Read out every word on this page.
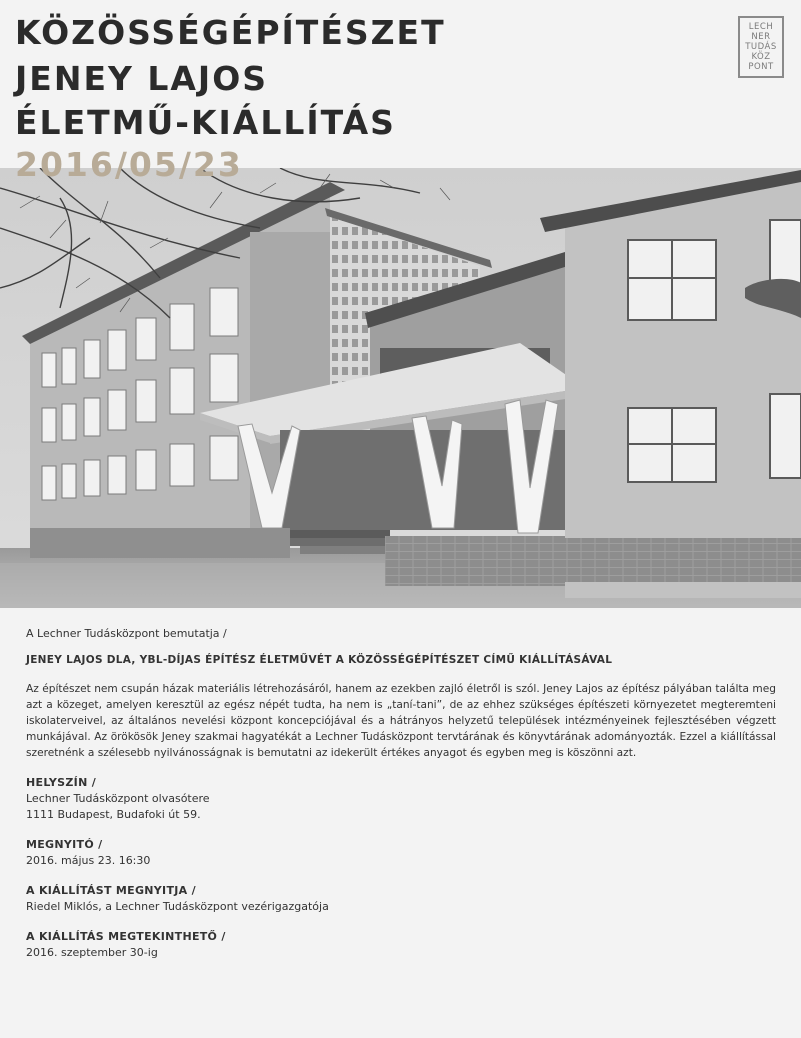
KÖZÖSSÉGÉPÍTÉSZET
JENEY LAJOS
ÉLETMŰ-KIÁLLÍTÁS
LECH
NER
TUDÁS
KÖZ
PONT
2016/05/23

A Lechner Tudásközpont bemutatja /

JENEY LAJOS DLA, YBL-DÍJAS ÉPÍTÉSZ ÉLETMŰVÉT A KÖZÖSSÉGÉPÍTÉSZET CÍMŰ KIÁLLÍTÁSÁVAL

Az építészet nem csupán házak materiális létrehozásáról, hanem az ezekben zajló életről is szól. Jeney Lajos az építész pályában találta meg azt a közeget, amelyen keresztül az egész népét tudta, ha nem is „taní-tani”, de az ehhez szükséges építészeti környezetet megteremteni iskolaterveivel, az általános nevelési központ koncepciójával és a hátrányos helyzetű települések intézményeinek fejlesztésében végzett munkájával. Az örökösök Jeney szakmai hagyatékát a Lechner Tudásközpont tervtárának és könyvtárának adományozták. Ezzel a kiállítással szeretnénk a szélesebb nyilvánosságnak is bemutatni az idekerült értékes anyagot és egyben meg is köszönni azt.

HELYSZÍN /

Lechner Tudásközpont olvasótere

1111 Budapest, Budafoki út 59.

MEGNYITÓ /

2016. május 23. 16:30

A KIÁLLÍTÁST MEGNYITJA /

Riedel Miklós, a Lechner Tudásközpont vezérigazgatója

A KIÁLLÍTÁS MEGTEKINTHETŐ /

2016. szeptember 30-ig
